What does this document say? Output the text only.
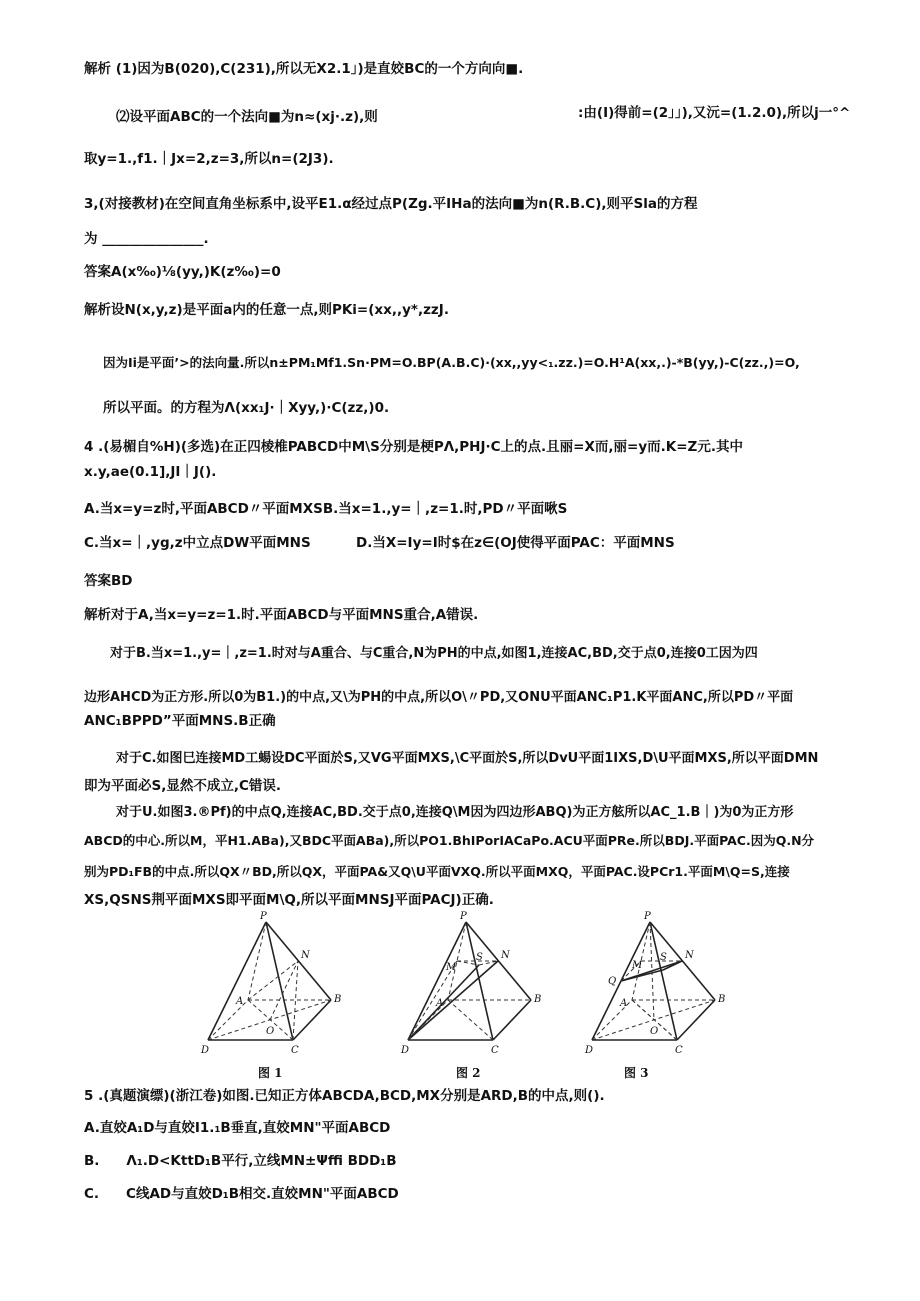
解析 (1)因为B(020),C(231),所以无X2.1」)是直姣BC的一个方向向■.
⑵设平面ABC的一个法向■为n≈(xj·.z),则	:由(I)得前=(2」」),又沅=(1.2.0),所以j一°^
取y=1.,f1.｜Jx=2,z=3,所以n=(2J3).
3,(对接教材)在空间直角坐标系中,设平E1.α经过点P(Zg.平IHa的法向■为n(R.B.C),则平Sla的方程
为 _______________.
答案A(x‰)⅛(yy,)K(z‰)=0
解析设N(x,y,z)是平面a内的任意一点,则PKi=(xx,,y*,zzJ.
因为Ii是平面’>的法向量.所以n±PM₁Mf1.Sn·PM=O.BP(A.B.C)·(xx,,yy<₁.zz.)=O.H¹A(xx,.)-*B(yy,)-C(zz.,)=O,
所以平面。的方程为Λ(xx₁J·｜Xyy,)·C(zz,)0.
4 .(易楣自%H)(多选)在正四棱椎PABCD中M\S分别是梗PΛ,PHJ·C上的点.且丽=X而,丽=y而.K=Z元.其中
x.y,ae(0.1],JI｜J().
A.当x=y=z时,平面ABCD〃平面MXSB.当x=1.,y=｜,z=1.时,PD〃平面啾S
C.当x=｜,yg,z中立点DW平面MNS	D.当X=Iy=I时$在z∈(OJ使得平面PAC：平面MNS
答案BD
解析对于A,当x=y=z=1.时.平面ABCD与平面MNS重合,A错误.
对于B.当x=1.,y=｜,z=1.时对与A重合、与C重合,N为PH的中点,如图1,连接AC,BD,交于点0,连接0工因为四
边形AHCD为正方形.所以0为B1.)的中点,又\为PH的中点,所以O\〃PD,又ONU平面ANC₁P1.K平面ANC,所以PD〃平面
ANC₁BPPD”平面MNS.B正确
对于C.如图巳连接MD工蝪设DC平面於S,又VG平面MXS,\C平面於S,所以DvU平面1IXS,D\U平面MXS,所以平面DMN
即为平面必S,显然不成立,C错误.
对于U.如图3.®Pf)的中点Q,连接AC,BD.交于点0,连接Q\M因为四边形ABQ)为正方舷所以AC_1.B｜)为0为正方形
ABCD的中心.所以M，平H1.ABa),又BDC平面ABa),所以PO1.BhIPorIACaPo.ACU平面PRe.所以BDJ.平面PAC.因为Q.N分
别为PD₁FB的中点.所以QX〃BD,所以QX，平面PA&又Q\U平面VXQ.所以平面MXQ，平面PAC.设PCr1.平面M\Q=S,连接
XS,QSNS荆平面MXS即平面M\Q,所以平面MNSJ平面PACJ)正确.
P
N
A
O
B
D	C
图 1
P
S N
M
A	B
D	C
图 2
P
S N
Q
M
A
O
B
D	C
图 3
5 .(真题演缥)(浙江卷)如图.已知正方体ABCDA,BCD,MX分别是ARD,B的中点,则().
A.直姣A₁D与直姣I1.₁B垂直,直姣MN"平面ABCD
B.　　Λ₁.D<KttD₁B平行,立线MN±Ψffi BDD₁B
C.　　C线AD与直姣D₁B相交.直姣MN"平面ABCD
